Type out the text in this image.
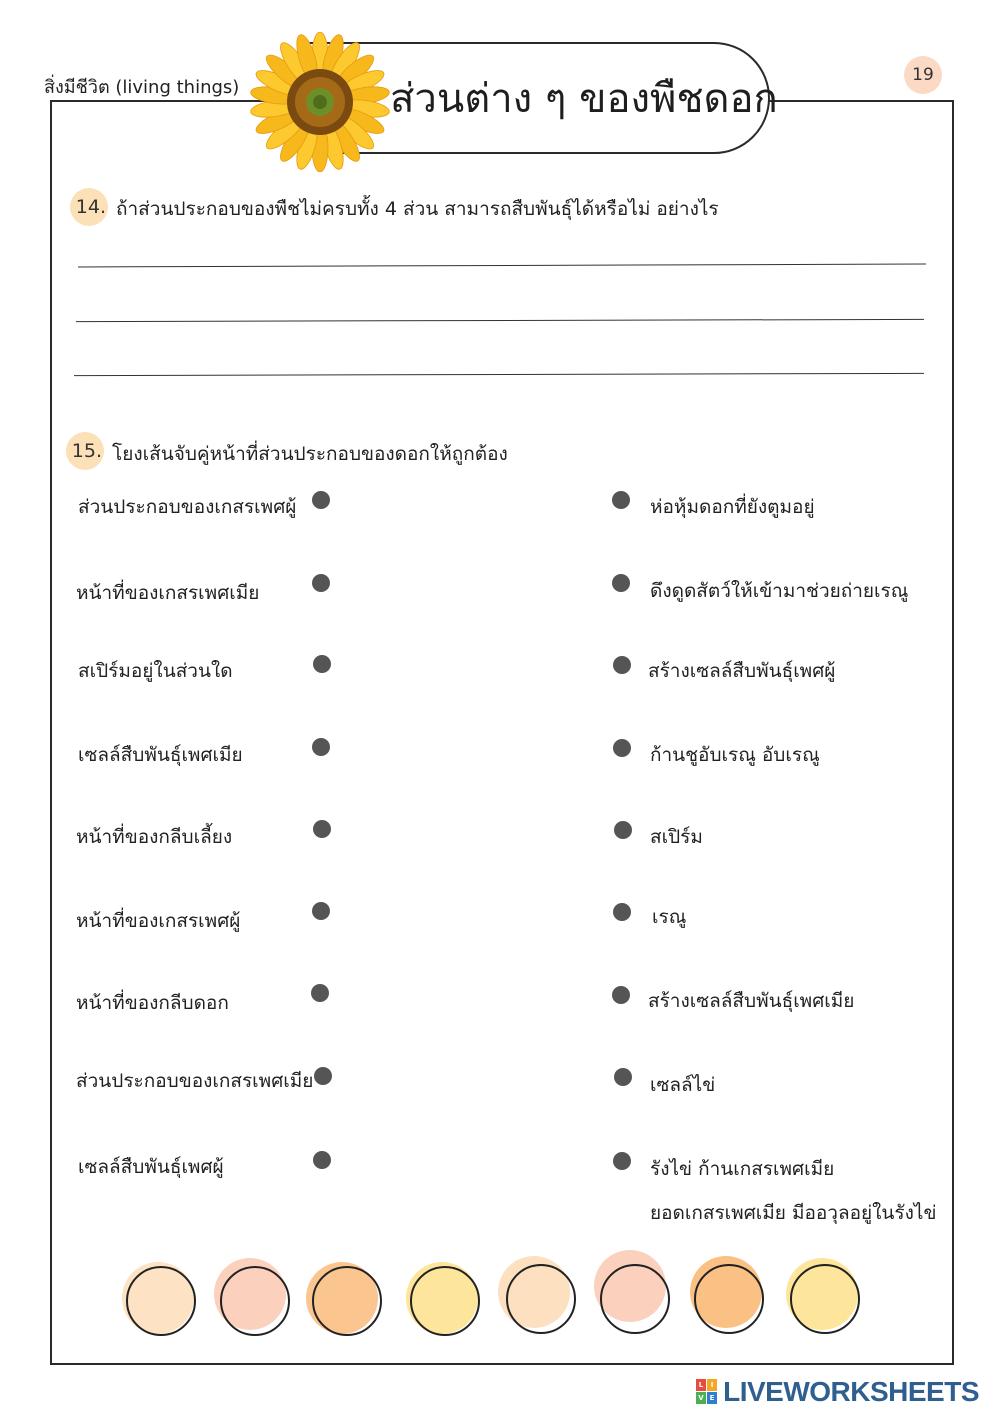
สิ่งมีชีวิต (living things)	ส่วนต่าง ๆ ของพืชดอก
19
14. ถ้าส่วนประกอบของพืชไม่ครบทั้ง 4 ส่วน สามารถสืบพันธุ์ได้หรือไม่ อย่างไร
15. โยงเส้นจับคู่หน้าที่ส่วนประกอบของดอกให้ถูกต้อง
ส่วนประกอบของเกสรเพศผู้
หน้าที่ของเกสรเพศเมีย
สเปิร์มอยู่ในส่วนใด
เซลล์สืบพันธุ์เพศเมีย
หน้าที่ของกลีบเลี้ยง
หน้าที่ของเกสรเพศผู้
หน้าที่ของกลีบดอก
ส่วนประกอบของเกสรเพศเมีย
เซลล์สืบพันธุ์เพศผู้
ห่อหุ้มดอกที่ยังตูมอยู่
ดึงดูดสัตว์ให้เข้ามาช่วยถ่ายเรณู
สร้างเซลล์สืบพันธุ์เพศผู้
ก้านชูอับเรณู อับเรณู
สเปิร์ม
เรณู
สร้างเซลล์สืบพันธุ์เพศเมีย
เซลล์ไข่
รังไข่ ก้านเกสรเพศเมีย
ยอดเกสรเพศเมีย มีออวุลอยู่ในรังไข่
L	I
V E LIVEWORKSHEETS
